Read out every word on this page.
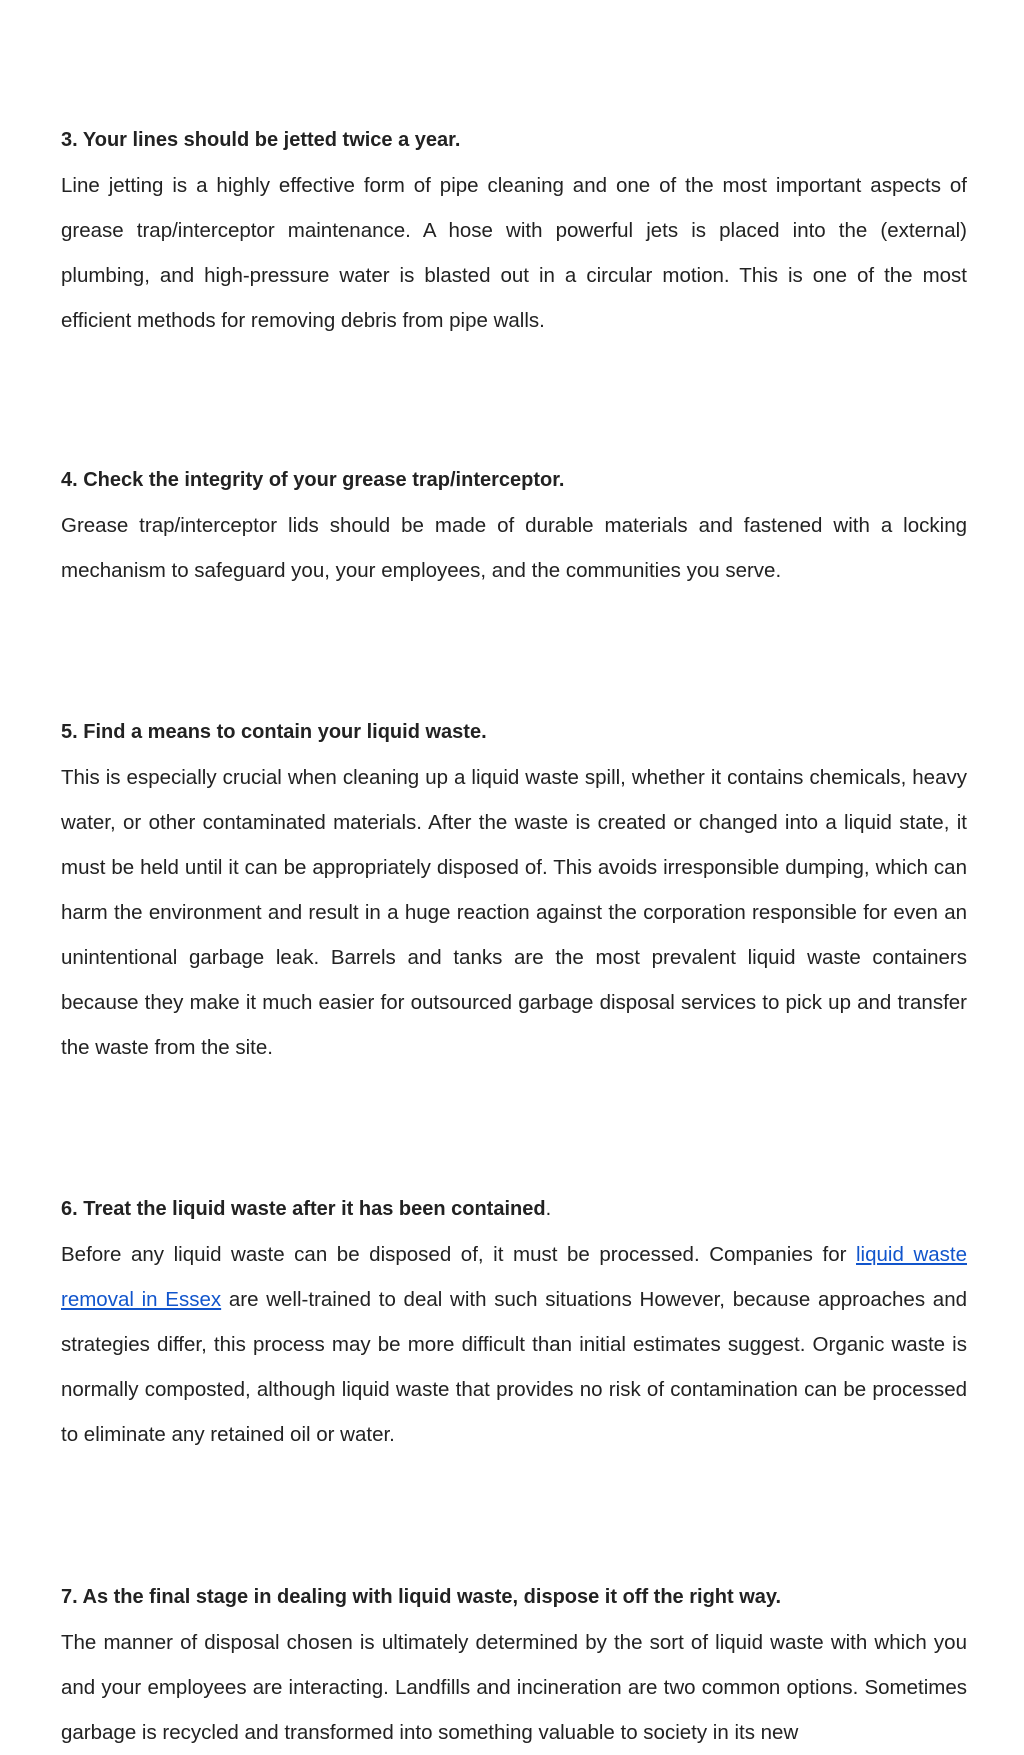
3. Your lines should be jetted twice a year.

Line jetting is a highly effective form of pipe cleaning and one of the most important aspects of grease trap/interceptor maintenance. A hose with powerful jets is placed into the (external) plumbing, and high-pressure water is blasted out in a circular motion. This is one of the most efficient methods for removing debris from pipe walls.

4. Check the integrity of your grease trap/interceptor.

Grease trap/interceptor lids should be made of durable materials and fastened with a locking mechanism to safeguard you, your employees, and the communities you serve.

5. Find a means to contain your liquid waste.

This is especially crucial when cleaning up a liquid waste spill, whether it contains chemicals, heavy water, or other contaminated materials. After the waste is created or changed into a liquid state, it must be held until it can be appropriately disposed of. This avoids irresponsible dumping, which can harm the environment and result in a huge reaction against the corporation responsible for even an unintentional garbage leak. Barrels and tanks are the most prevalent liquid waste containers because they make it much easier for outsourced garbage disposal services to pick up and transfer the waste from the site.

6. Treat the liquid waste after it has been contained.

Before any liquid waste can be disposed of, it must be processed. Companies for liquid waste removal in Essex are well-trained to deal with such situations However, because approaches and strategies differ, this process may be more difficult than initial estimates suggest. Organic waste is normally composted, although liquid waste that provides no risk of contamination can be processed to eliminate any retained oil or water.

7. As the final stage in dealing with liquid waste, dispose it off the right way.

The manner of disposal chosen is ultimately determined by the sort of liquid waste with which you and your employees are interacting. Landfills and incineration are two common options. Sometimes garbage is recycled and transformed into something valuable to society in its new
